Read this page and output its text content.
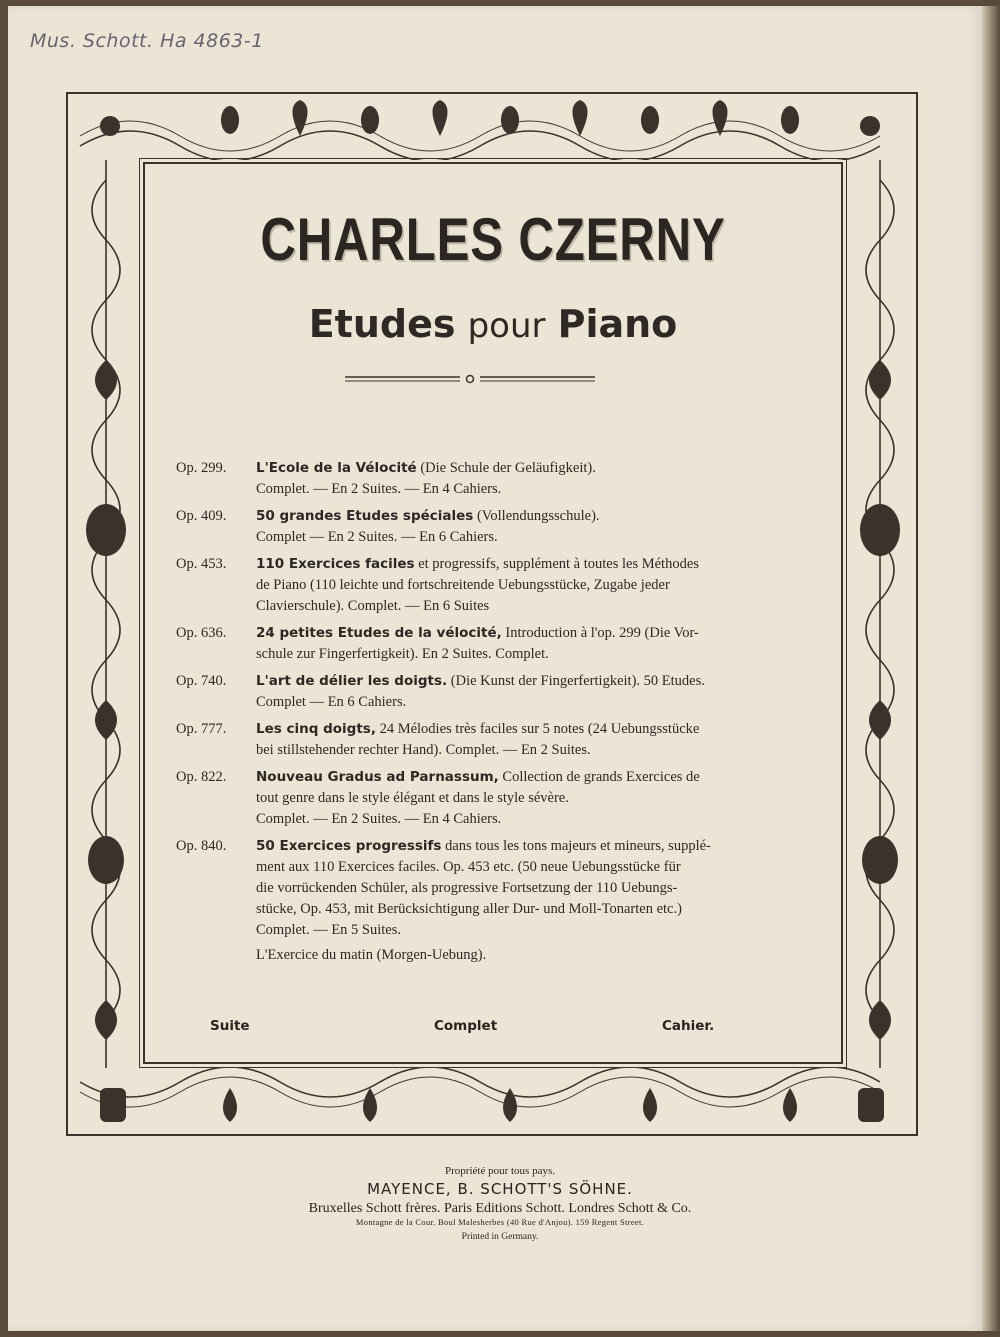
Mus. Schott. Ha 4863-1
CHARLES CZERNY
Etudes pour Piano
Op. 299.	L'Ecole de la Vélocité (Die Schule der Geläufigkeit).
Complet. — En 2 Suites. — En 4 Cahiers.
Op. 409.	50 grandes Etudes spéciales (Vollendungsschule).
Complet — En 2 Suites. — En 6 Cahiers.
Op. 453.	110 Exercices faciles et progressifs, supplément à toutes les Méthodes
de Piano (110 leichte und fortschreitende Uebungsstücke, Zugabe jeder
Clavierschule). Complet. — En 6 Suites
Op. 636.	24 petites Etudes de la vélocité, Introduction à l'op. 299 (Die Vor-
schule zur Fingerfertigkeit). En 2 Suites. Complet.
Op. 740.	L'art de délier les doigts. (Die Kunst der Fingerfertigkeit). 50 Etudes.
Complet — En 6 Cahiers.
Op. 777.	Les cinq doigts, 24 Mélodies très faciles sur 5 notes (24 Uebungsstücke
bei stillstehender rechter Hand). Complet. — En 2 Suites.
Op. 822.	Nouveau Gradus ad Parnassum, Collection de grands Exercices de
tout genre dans le style élégant et dans le style sévère.
Complet. — En 2 Suites. — En 4 Cahiers.
Op. 840.	50 Exercices progressifs dans tous les tons majeurs et mineurs, supplé-
ment aux 110 Exercices faciles. Op. 453 etc. (50 neue Uebungsstücke für
die vorrückenden Schüler, als progressive Fortsetzung der 110 Uebungs-
stücke, Op. 453, mit Berücksichtigung aller Dur- und Moll-Tonarten etc.)
Complet. — En 5 Suites.
L'Exercice du matin (Morgen-Uebung).
Suite	Complet	Cahier.
Propriété pour tous pays.
MAYENCE, B. SCHOTT'S SÖHNE.
Bruxelles Schott frères. Paris Editions Schott. Londres Schott & Co.
Montagne de la Cour. Boul Malesherbes (40 Rue d'Anjou). 159 Regent Street.
Printed in Germany.
